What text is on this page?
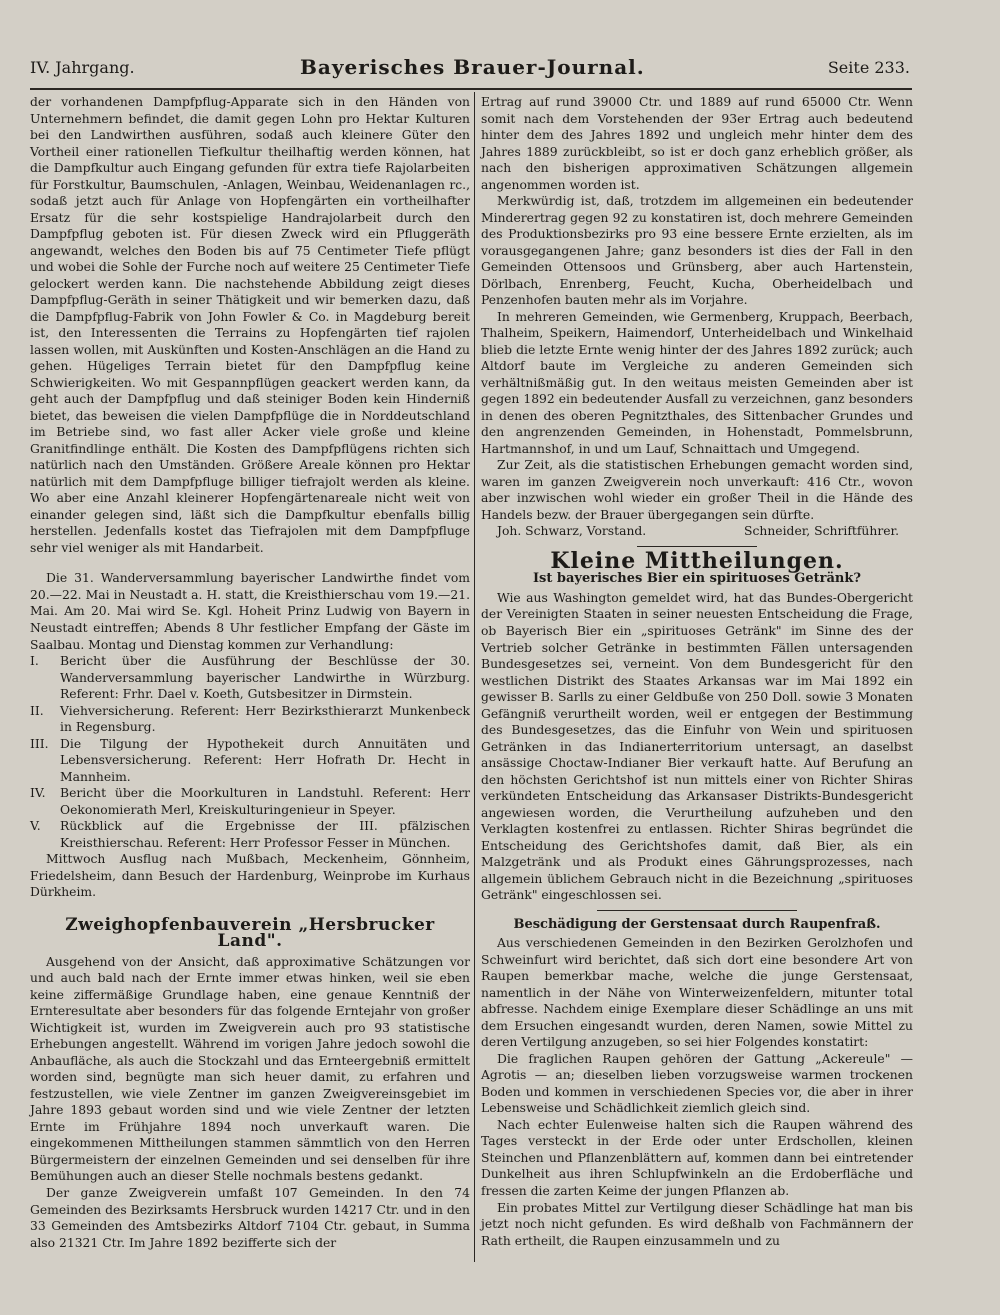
IV. Jahrgang.	Bayerisches Brauer-Journal.	Seite 233.

der vorhandenen Dampfpflug-Apparate sich in den Händen von Unternehmern befindet, die damit gegen Lohn pro Hektar Kulturen bei den Landwirthen ausführen, sodaß auch kleinere Güter den Vortheil einer rationellen Tiefkultur theilhaftig werden können, hat die Dampfkultur auch Eingang gefunden für extra tiefe Rajolarbeiten für Forstkultur, Baumschulen, -Anlagen, Weinbau, Weidenanlagen rc., sodaß jetzt auch für Anlage von Hopfengärten ein vortheilhafter Ersatz für die sehr kostspielige Handrajolarbeit durch den Dampfpflug geboten ist. Für diesen Zweck wird ein Pfluggeräth angewandt, welches den Boden bis auf 75 Centimeter Tiefe pflügt und wobei die Sohle der Furche noch auf weitere 25 Centimeter Tiefe gelockert werden kann. Die nachstehende Abbildung zeigt dieses Dampfpflug-Geräth in seiner Thätigkeit und wir bemerken dazu, daß die Dampfpflug-Fabrik von John Fowler & Co. in Magdeburg bereit ist, den Interessenten die Terrains zu Hopfengärten tief rajolen lassen wollen, mit Auskünften und Kosten-Anschlägen an die Hand zu gehen. Hügeliges Terrain bietet für den Dampfpflug keine Schwierigkeiten. Wo mit Gespannpflügen geackert werden kann, da geht auch der Dampfpflug und daß steiniger Boden kein Hinderniß bietet, das beweisen die vielen Dampfpflüge die in Norddeutschland im Betriebe sind, wo fast aller Acker viele große und kleine Granitfindlinge enthält. Die Kosten des Dampfpflügens richten sich natürlich nach den Umständen. Größere Areale können pro Hektar natürlich mit dem Dampfpfluge billiger tiefrajolt werden als kleine. Wo aber eine Anzahl kleinerer Hopfengärtenareale nicht weit von einander gelegen sind, läßt sich die Dampfkultur ebenfalls billig herstellen. Jedenfalls kostet das Tiefrajolen mit dem Dampfpfluge sehr viel weniger als mit Handarbeit.

Die 31. Wanderversammlung bayerischer Landwirthe findet vom 20.—22. Mai in Neustadt a. H. statt, die Kreisthierschau vom 19.—21. Mai. Am 20. Mai wird Se. Kgl. Hoheit Prinz Ludwig von Bayern in Neustadt eintreffen; Abends 8 Uhr festlicher Empfang der Gäste im Saalbau. Montag und Dienstag kommen zur Verhandlung:

I. Bericht über die Ausführung der Beschlüsse der 30. Wanderversammlung bayerischer Landwirthe in Würzburg. Referent: Frhr. Dael v. Koeth, Gutsbesitzer in Dirmstein.
II. Viehversicherung. Referent: Herr Bezirksthierarzt Munkenbeck in Regensburg.
III. Die Tilgung der Hypothekeit durch Annuitäten und Lebensversicherung. Referent: Herr Hofrath Dr. Hecht in Mannheim.
IV. Bericht über die Moorkulturen in Landstuhl. Referent: Herr Oekonomierath Merl, Kreiskulturingenieur in Speyer.
V. Rückblick auf die Ergebnisse der III. pfälzischen Kreisthierschau. Referent: Herr Professor Fesser in München.

Mittwoch Ausflug nach Mußbach, Meckenheim, Gönnheim, Friedelsheim, dann Besuch der Hardenburg, Weinprobe im Kurhaus Dürkheim.

Zweighopfenbauverein „Hersbrucker Land".

Ausgehend von der Ansicht, daß approximative Schätzungen vor und auch bald nach der Ernte immer etwas hinken, weil sie eben keine ziffermäßige Grundlage haben, eine genaue Kenntniß der Ernteresultate aber besonders für das folgende Erntejahr von großer Wichtigkeit ist, wurden im Zweigverein auch pro 93 statistische Erhebungen angestellt. Während im vorigen Jahre jedoch sowohl die Anbaufläche, als auch die Stockzahl und das Ernteergebniß ermittelt worden sind, begnügte man sich heuer damit, zu erfahren und festzustellen, wie viele Zentner im ganzen Zweigvereinsgebiet im Jahre 1893 gebaut worden sind und wie viele Zentner der letzten Ernte im Frühjahre 1894 noch unverkauft waren. Die eingekommenen Mittheilungen stammen sämmtlich von den Herren Bürgermeistern der einzelnen Gemeinden und sei denselben für ihre Bemühungen auch an dieser Stelle nochmals bestens gedankt.

Der ganze Zweigverein umfaßt 107 Gemeinden. In den 74 Gemeinden des Bezirksamts Hersbruck wurden 14217 Ctr. und in den 33 Gemeinden des Amtsbezirks Altdorf 7104 Ctr. gebaut, in Summa also 21321 Ctr. Im Jahre 1892 bezifferte sich der

Ertrag auf rund 39000 Ctr. und 1889 auf rund 65000 Ctr. Wenn somit nach dem Vorstehenden der 93er Ertrag auch bedeutend hinter dem des Jahres 1892 und ungleich mehr hinter dem des Jahres 1889 zurückbleibt, so ist er doch ganz erheblich größer, als nach den bisherigen approximativen Schätzungen allgemein angenommen worden ist.

Merkwürdig ist, daß, trotzdem im allgemeinen ein bedeutender Minderertrag gegen 92 zu konstatiren ist, doch mehrere Gemeinden des Produktionsbezirks pro 93 eine bessere Ernte erzielten, als im vorausgegangenen Jahre; ganz besonders ist dies der Fall in den Gemeinden Ottensoos und Grünsberg, aber auch Hartenstein, Dörlbach, Enrenberg, Feucht, Kucha, Oberheidelbach und Penzenhofen bauten mehr als im Vorjahre.

In mehreren Gemeinden, wie Germenberg, Kruppach, Beerbach, Thalheim, Speikern, Haimendorf, Unterheidelbach und Winkelhaid blieb die letzte Ernte wenig hinter der des Jahres 1892 zurück; auch Altdorf baute im Vergleiche zu anderen Gemeinden sich verhältnißmäßig gut. In den weitaus meisten Gemeinden aber ist gegen 1892 ein bedeutender Ausfall zu verzeichnen, ganz besonders in denen des oberen Pegnitzthales, des Sittenbacher Grundes und den angrenzenden Gemeinden, in Hohenstadt, Pommelsbrunn, Hartmannshof, in und um Lauf, Schnaittach und Umgegend.

Zur Zeit, als die statistischen Erhebungen gemacht worden sind, waren im ganzen Zweigverein noch unverkauft: 416 Ctr., wovon aber inzwischen wohl wieder ein großer Theil in die Hände des Handels bezw. der Brauer übergegangen sein dürfte.

Joh. Schwarz, Vorstand.	Schneider, Schriftführer.
Kleine Mittheilungen.
Ist bayerisches Bier ein spirituoses Getränk?

Wie aus Washington gemeldet wird, hat das Bundes-Obergericht der Vereinigten Staaten in seiner neuesten Entscheidung die Frage, ob Bayerisch Bier ein „spirituoses Getränk" im Sinne des der Vertrieb solcher Getränke in bestimmten Fällen untersagenden Bundesgesetzes sei, verneint. Von dem Bundesgericht für den westlichen Distrikt des Staates Arkansas war im Mai 1892 ein gewisser B. Sarlls zu einer Geldbuße von 250 Doll. sowie 3 Monaten Gefängniß verurtheilt worden, weil er entgegen der Bestimmung des Bundesgesetzes, das die Einfuhr von Wein und spirituosen Getränken in das Indianerterritorium untersagt, an daselbst ansässige Choctaw-Indianer Bier verkauft hatte. Auf Berufung an den höchsten Gerichtshof ist nun mittels einer von Richter Shiras verkündeten Entscheidung das Arkansaser Distrikts-Bundesgericht angewiesen worden, die Verurtheilung aufzuheben und den Verklagten kostenfrei zu entlassen. Richter Shiras begründet die Entscheidung des Gerichtshofes damit, daß Bier, als ein Malzgetränk und als Produkt eines Gährungsprozesses, nach allgemein üblichem Gebrauch nicht in die Bezeichnung „spirituoses Getränk" eingeschlossen sei.

Beschädigung der Gerstensaat durch Raupenfraß.

Aus verschiedenen Gemeinden in den Bezirken Gerolzhofen und Schweinfurt wird berichtet, daß sich dort eine besondere Art von Raupen bemerkbar mache, welche die junge Gerstensaat, namentlich in der Nähe von Winterweizenfeldern, mitunter total abfresse. Nachdem einige Exemplare dieser Schädlinge an uns mit dem Ersuchen eingesandt wurden, deren Namen, sowie Mittel zu deren Vertilgung anzugeben, so sei hier Folgendes konstatirt:

Die fraglichen Raupen gehören der Gattung „Ackereule" — Agrotis — an; dieselben lieben vorzugsweise warmen trockenen Boden und kommen in verschiedenen Species vor, die aber in ihrer Lebensweise und Schädlichkeit ziemlich gleich sind.

Nach echter Eulenweise halten sich die Raupen während des Tages versteckt in der Erde oder unter Erdschollen, kleinen Steinchen und Pflanzenblättern auf, kommen dann bei eintretender Dunkelheit aus ihren Schlupfwinkeln an die Erdoberfläche und fressen die zarten Keime der jungen Pflanzen ab.

Ein probates Mittel zur Vertilgung dieser Schädlinge hat man bis jetzt noch nicht gefunden. Es wird deßhalb von Fachmännern der Rath ertheilt, die Raupen einzusammeln und zu
